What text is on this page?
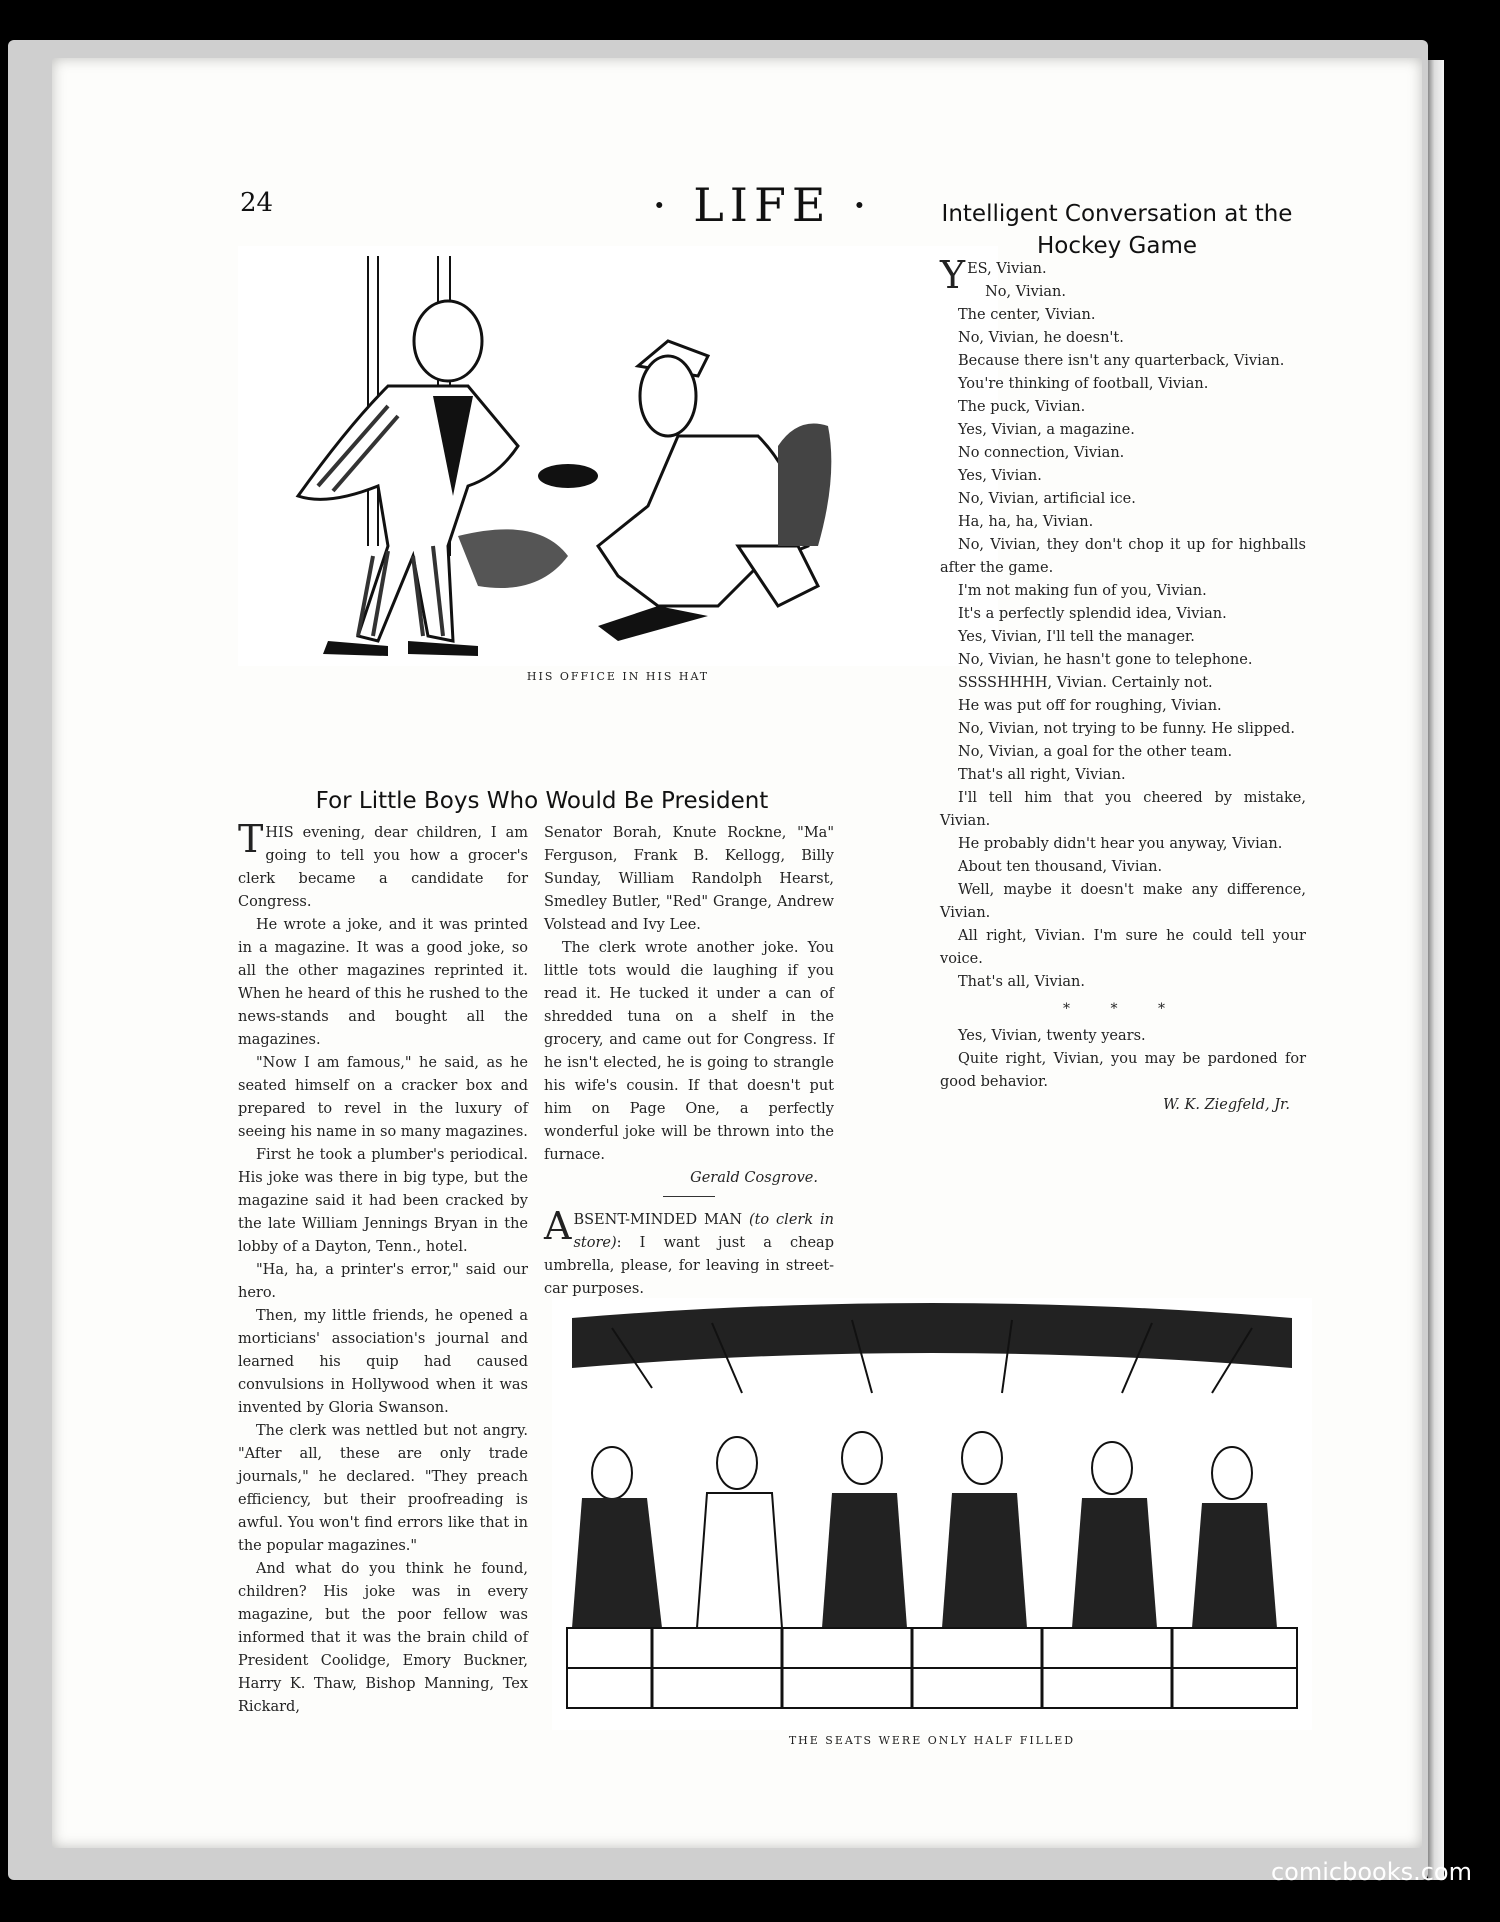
24	· LIFE ·
HIS OFFICE IN HIS HAT
Intelligent Conversation at the Hockey Game

YES, Vivian.

No, Vivian.

The center, Vivian.

No, Vivian, he doesn't.

Because there isn't any quarterback, Vivian.

You're thinking of football, Vivian.

The puck, Vivian.

Yes, Vivian, a magazine.

No connection, Vivian.

Yes, Vivian.

No, Vivian, artificial ice.

Ha, ha, ha, Vivian.

No, Vivian, they don't chop it up for highballs after the game.

I'm not making fun of you, Vivian.

It's a perfectly splendid idea, Vivian.

Yes, Vivian, I'll tell the manager.

No, Vivian, he hasn't gone to telephone.

SSSSHHHH, Vivian. Certainly not.

He was put off for roughing, Vivian.

No, Vivian, not trying to be funny. He slipped.

No, Vivian, a goal for the other team.

That's all right, Vivian.

I'll tell him that you cheered by mistake, Vivian.

He probably didn't hear you anyway, Vivian.

About ten thousand, Vivian.

Well, maybe it doesn't make any difference, Vivian.

All right, Vivian. I'm sure he could tell your voice.

That's all, Vivian.

* * *

Yes, Vivian, twenty years.

Quite right, Vivian, you may be pardoned for good behavior.

W. K. Ziegfeld, Jr.
For Little Boys Who Would Be President

THIS evening, dear children, I am going to tell you how a grocer's clerk became a candidate for Congress.

He wrote a joke, and it was printed in a magazine. It was a good joke, so all the other magazines reprinted it. When he heard of this he rushed to the news-stands and bought all the magazines.

"Now I am famous," he said, as he seated himself on a cracker box and prepared to revel in the luxury of seeing his name in so many magazines.

First he took a plumber's periodical. His joke was there in big type, but the magazine said it had been cracked by the late William Jennings Bryan in the lobby of a Dayton, Tenn., hotel.

"Ha, ha, a printer's error," said our hero.

Then, my little friends, he opened a morticians' association's journal and learned his quip had caused convulsions in Hollywood when it was invented by Gloria Swanson.

The clerk was nettled but not angry. "After all, these are only trade journals," he declared. "They preach efficiency, but their proofreading is awful. You won't find errors like that in the popular magazines."

And what do you think he found, children? His joke was in every magazine, but the poor fellow was informed that it was the brain child of President Coolidge, Emory Buckner, Harry K. Thaw, Bishop Manning, Tex Rickard,

Senator Borah, Knute Rockne, "Ma" Ferguson, Frank B. Kellogg, Billy Sunday, William Randolph Hearst, Smedley Butler, "Red" Grange, Andrew Volstead and Ivy Lee.

The clerk wrote another joke. You little tots would die laughing if you read it. He tucked it under a can of shredded tuna on a shelf in the grocery, and came out for Congress. If he isn't elected, he is going to strangle his wife's cousin. If that doesn't put him on Page One, a perfectly wonderful joke will be thrown into the furnace.

Gerald Cosgrove.

ABSENT-MINDED MAN (to clerk in store): I want just a cheap umbrella, please, for leaving in street-car purposes.

THE SEATS WERE ONLY HALF FILLED
comicbooks.com
